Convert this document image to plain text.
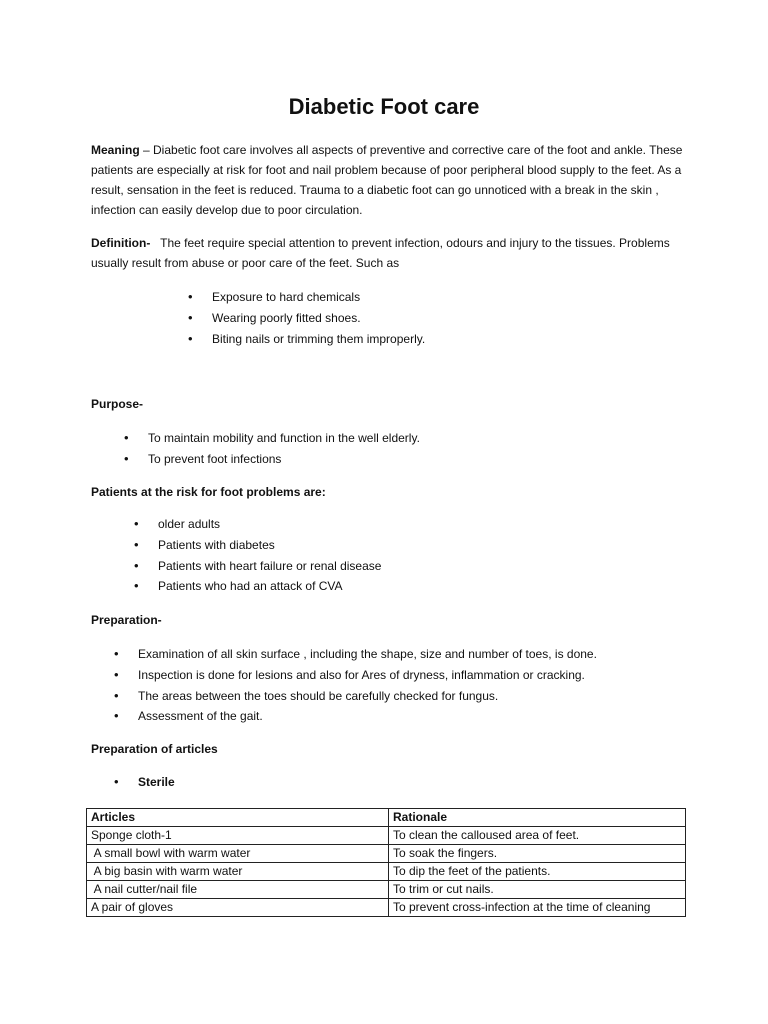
Diabetic Foot care

Meaning – Diabetic foot care involves all aspects of preventive and corrective care of the foot and ankle. These patients are especially at risk for foot and nail problem because of poor peripheral blood supply to the feet. As a result, sensation in the feet is reduced. Trauma to a diabetic foot can go unnoticed with a break in the skin , infection can easily develop due to poor circulation.

Definition-   The feet require special attention to prevent infection, odours and injury to the tissues. Problems usually result from abuse or poor care of the feet. Such as

• Exposure to hard chemicals
• Wearing poorly fitted shoes.
• Biting nails or trimming them improperly.

Purpose-

• To maintain mobility and function in the well elderly.
• To prevent foot infections

Patients at the risk for foot problems are:

• older adults
• Patients with diabetes
• Patients with heart failure or renal disease
• Patients who had an attack of CVA

Preparation-

• Examination of all skin surface , including the shape, size and number of toes, is done.
• Inspection is done for lesions and also for Ares of dryness, inflammation or cracking.
• The areas between the toes should be carefully checked for fungus.
• Assessment of the gait.

Preparation of articles

• Sterile
Articles	Rationale
Sponge cloth-1	To clean the calloused area of feet.
A small bowl with warm water	To soak the fingers.
A big basin with warm water	To dip the feet of the patients.
A nail cutter/nail file	To trim or cut nails.
A pair of gloves	To prevent cross-infection at the time of cleaning
